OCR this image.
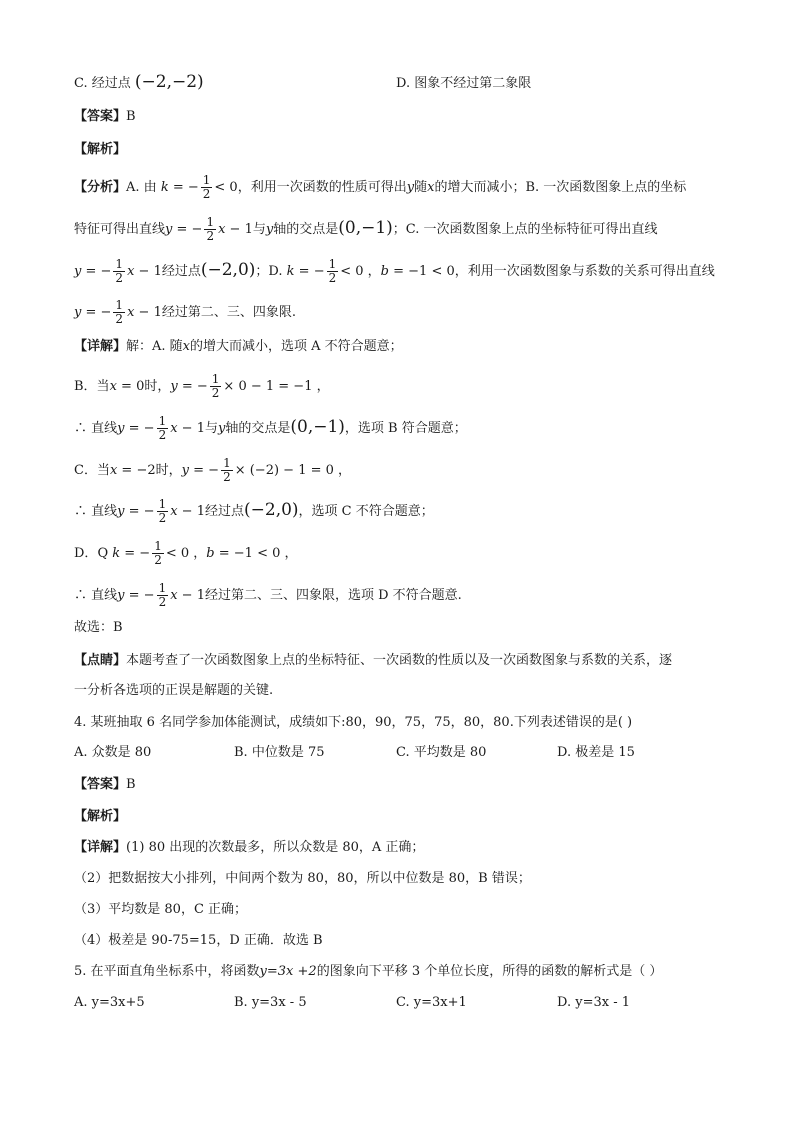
C. 经过点 (−2,−2)	D. 图象不经过第二象限
【答案】B
【解析】
【分析】A. 由 k = − $\frac{1}{2} < 0$，利用一次函数的性质可得出y随x的增大而减小；B. 一次函数图象上点的坐标
特征可得出直线y = − $\frac{1}{2}$ x − 1与y轴的交点是(0,−1)；C. 一次函数图象上点的坐标特征可得出直线
y = − $\frac{1}{2}$ x − 1经过点(−2,0)；D. k = − $\frac{1}{2} < 0$ ，b = −1 < 0，利用一次函数图象与系数的关系可得出直线
y = − $\frac{1}{2}$ x − 1经过第二、三、四象限.
【详解】解：A. 随x的增大而减小，选项 A 不符合题意；
B．当x = 0时，y = − $\frac{1}{2} \times 0 - 1 = -1$ ，
∴ 直线y = − $\frac{1}{2}$ x − 1与y轴的交点是(0,−1)，选项 B 符合题意；
C．当x = −2时，y = − $\frac{1}{2} \times (-2) - 1 = 0$ ，
∴ 直线y = − $\frac{1}{2}$ x − 1经过点(−2,0)，选项 C 不符合题意；
D．Q k = − $\frac{1}{2} < 0$ ，b = −1 < 0 ，
∴ 直线y = − $\frac{1}{2}$ x − 1经过第二、三、四象限，选项 D 不符合题意.
故选：B
【点睛】本题考查了一次函数图象上点的坐标特征、一次函数的性质以及一次函数图象与系数的关系，逐
一分析各选项的正误是解题的关键.
4. 某班抽取 6 名同学参加体能测试，成绩如下:80，90，75，75，80，80.下列表述错误的是( )
A. 众数是 80	B. 中位数是 75	C. 平均数是 80	D. 极差是 15
【答案】B
【解析】
【详解】(1) 80 出现的次数最多，所以众数是 80，A 正确；
（2）把数据按大小排列，中间两个数为 80，80，所以中位数是 80，B 错误；
（3）平均数是 80，C 正确；
（4）极差是 90-75=15，D 正确．故选 B
5. 在平面直角坐标系中，将函数y=3x +2的图象向下平移 3 个单位长度，所得的函数的解析式是（ ）
A. y=3x+5	B. y=3x - 5	C. y=3x+1	D. y=3x - 1
